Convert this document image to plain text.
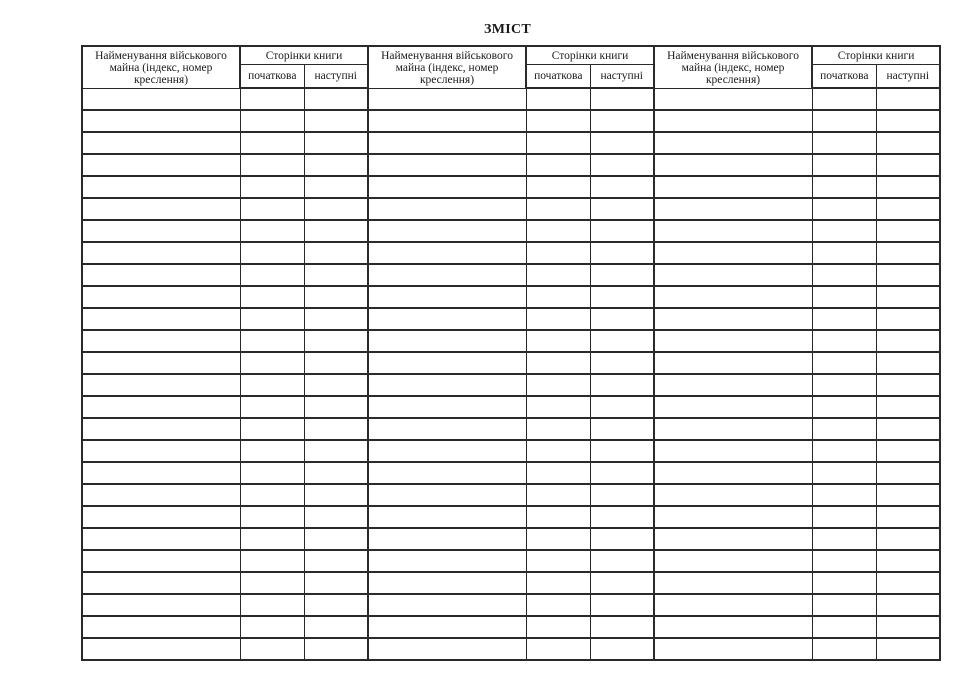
ЗМІСТ
Найменування військового майна (індекс, номер креслення)	Сторінки книги		Найменування військового майна (індекс, номер креслення)	Сторінки книги		Найменування військового майна (індекс, номер креслення)	Сторінки книги	
	початкова	наступні		початкова	наступні		початкова	наступні
